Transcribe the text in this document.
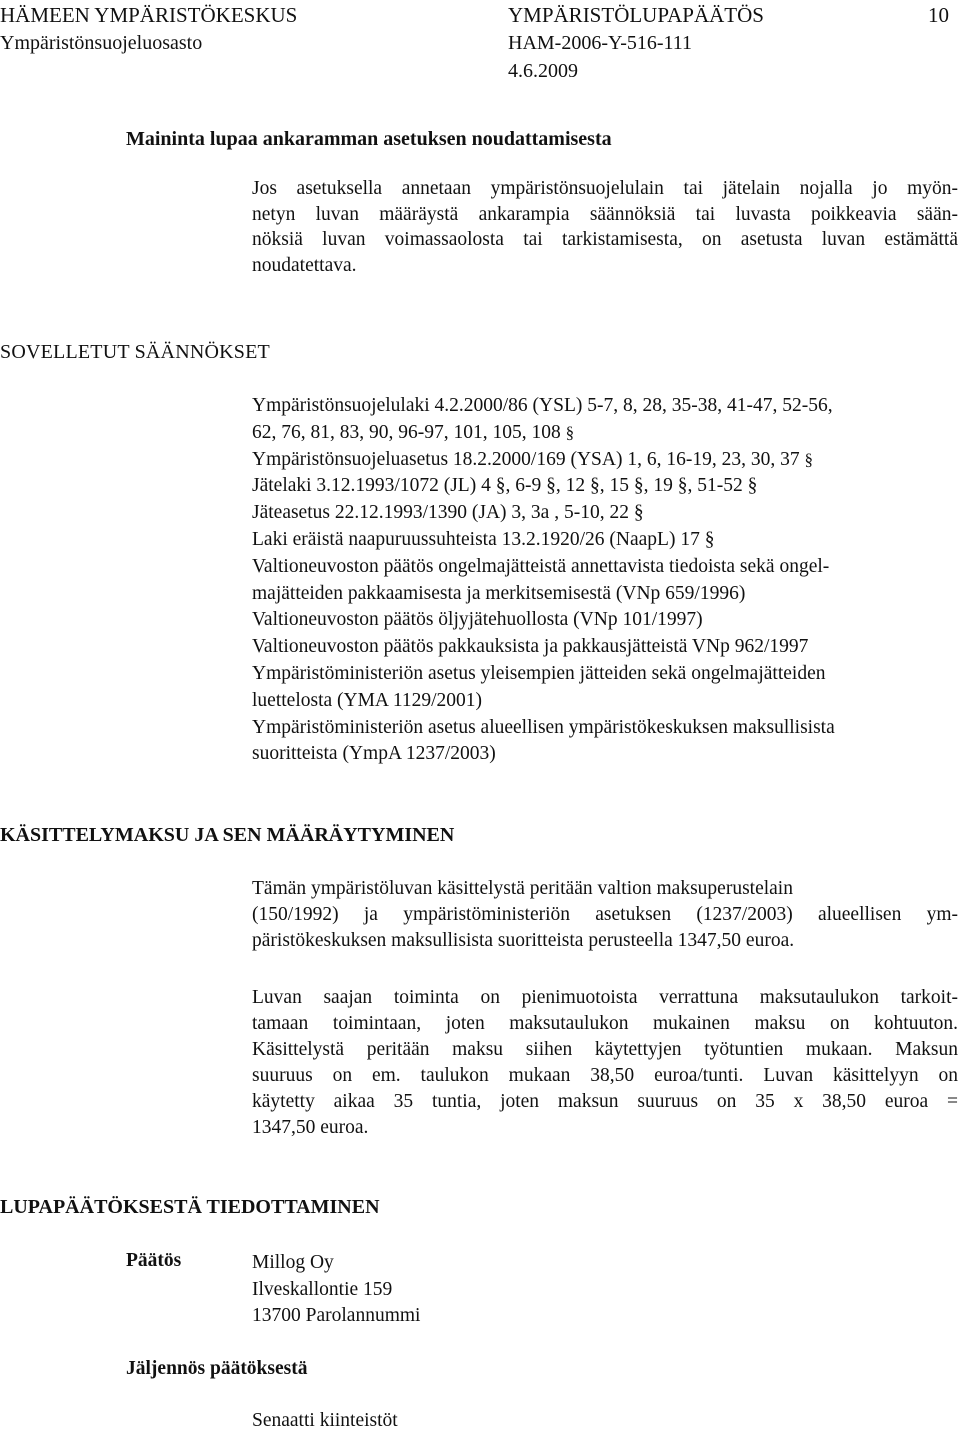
HÄMEEN YMPÄRISTÖKESKUS
Ympäristönsuojeluosasto
YMPÄRISTÖLUPAPÄÄTÖS
HAM-2006-Y-516-111
4.6.2009
10
Maininta lupaa ankaramman asetuksen noudattamisesta
Jos asetuksella annetaan ympäristönsuojelulain tai jätelain nojalla jo myön-
netyn luvan määräystä ankarampia säännöksiä tai luvasta poikkeavia sään-
nöksiä luvan voimassaolosta tai tarkistamisesta, on asetusta luvan estämättä
noudatettava.
SOVELLETUT SÄÄNNÖKSET
Ympäristönsuojelulaki 4.2.2000/86 (YSL) 5-7, 8, 28, 35-38, 41-47, 52-56,
62, 76, 81, 83, 90, 96-97, 101, 105, 108 §
Ympäristönsuojeluasetus 18.2.2000/169 (YSA) 1, 6, 16-19, 23, 30, 37 §
Jätelaki 3.12.1993/1072 (JL) 4 §, 6-9 §, 12 §, 15 §, 19 §, 51-52 §
Jäteasetus 22.12.1993/1390 (JA) 3, 3a , 5-10, 22 §
Laki eräistä naapuruussuhteista 13.2.1920/26 (NaapL) 17 §
Valtioneuvoston päätös ongelmajätteistä annettavista tiedoista sekä ongel-
majätteiden pakkaamisesta ja merkitsemisestä (VNp 659/1996)
Valtioneuvoston päätös öljyjätehuollosta (VNp 101/1997)
Valtioneuvoston päätös pakkauksista ja pakkausjätteistä VNp 962/1997
Ympäristöministeriön asetus yleisempien jätteiden sekä ongelmajätteiden
luettelosta (YMA 1129/2001)
Ympäristöministeriön asetus alueellisen ympäristökeskuksen maksullisista
suoritteista (YmpA 1237/2003)
KÄSITTELYMAKSU JA SEN MÄÄRÄYTYMINEN
Tämän ympäristöluvan käsittelystä peritään valtion maksuperustelain
(150/1992) ja ympäristöministeriön asetuksen (1237/2003) alueellisen ym-
päristökeskuksen maksullisista suoritteista perusteella 1347,50 euroa.
Luvan saajan toiminta on pienimuotoista verrattuna maksutaulukon tarkoit-
tamaan toimintaan, joten maksutaulukon mukainen maksu on kohtuuton.
Käsittelystä peritään maksu siihen käytettyjen työtuntien mukaan. Maksun
suuruus on em. taulukon mukaan 38,50 euroa/tunti. Luvan käsittelyyn on
käytetty aikaa 35 tuntia, joten maksun suuruus on 35 x 38,50 euroa =
1347,50 euroa.
LUPAPÄÄTÖKSESTÄ TIEDOTTAMINEN
Päätös	Millog Oy
Ilveskallontie 159
13700 Parolannummi
Jäljennös päätöksestä
Senaatti kiinteistöt
